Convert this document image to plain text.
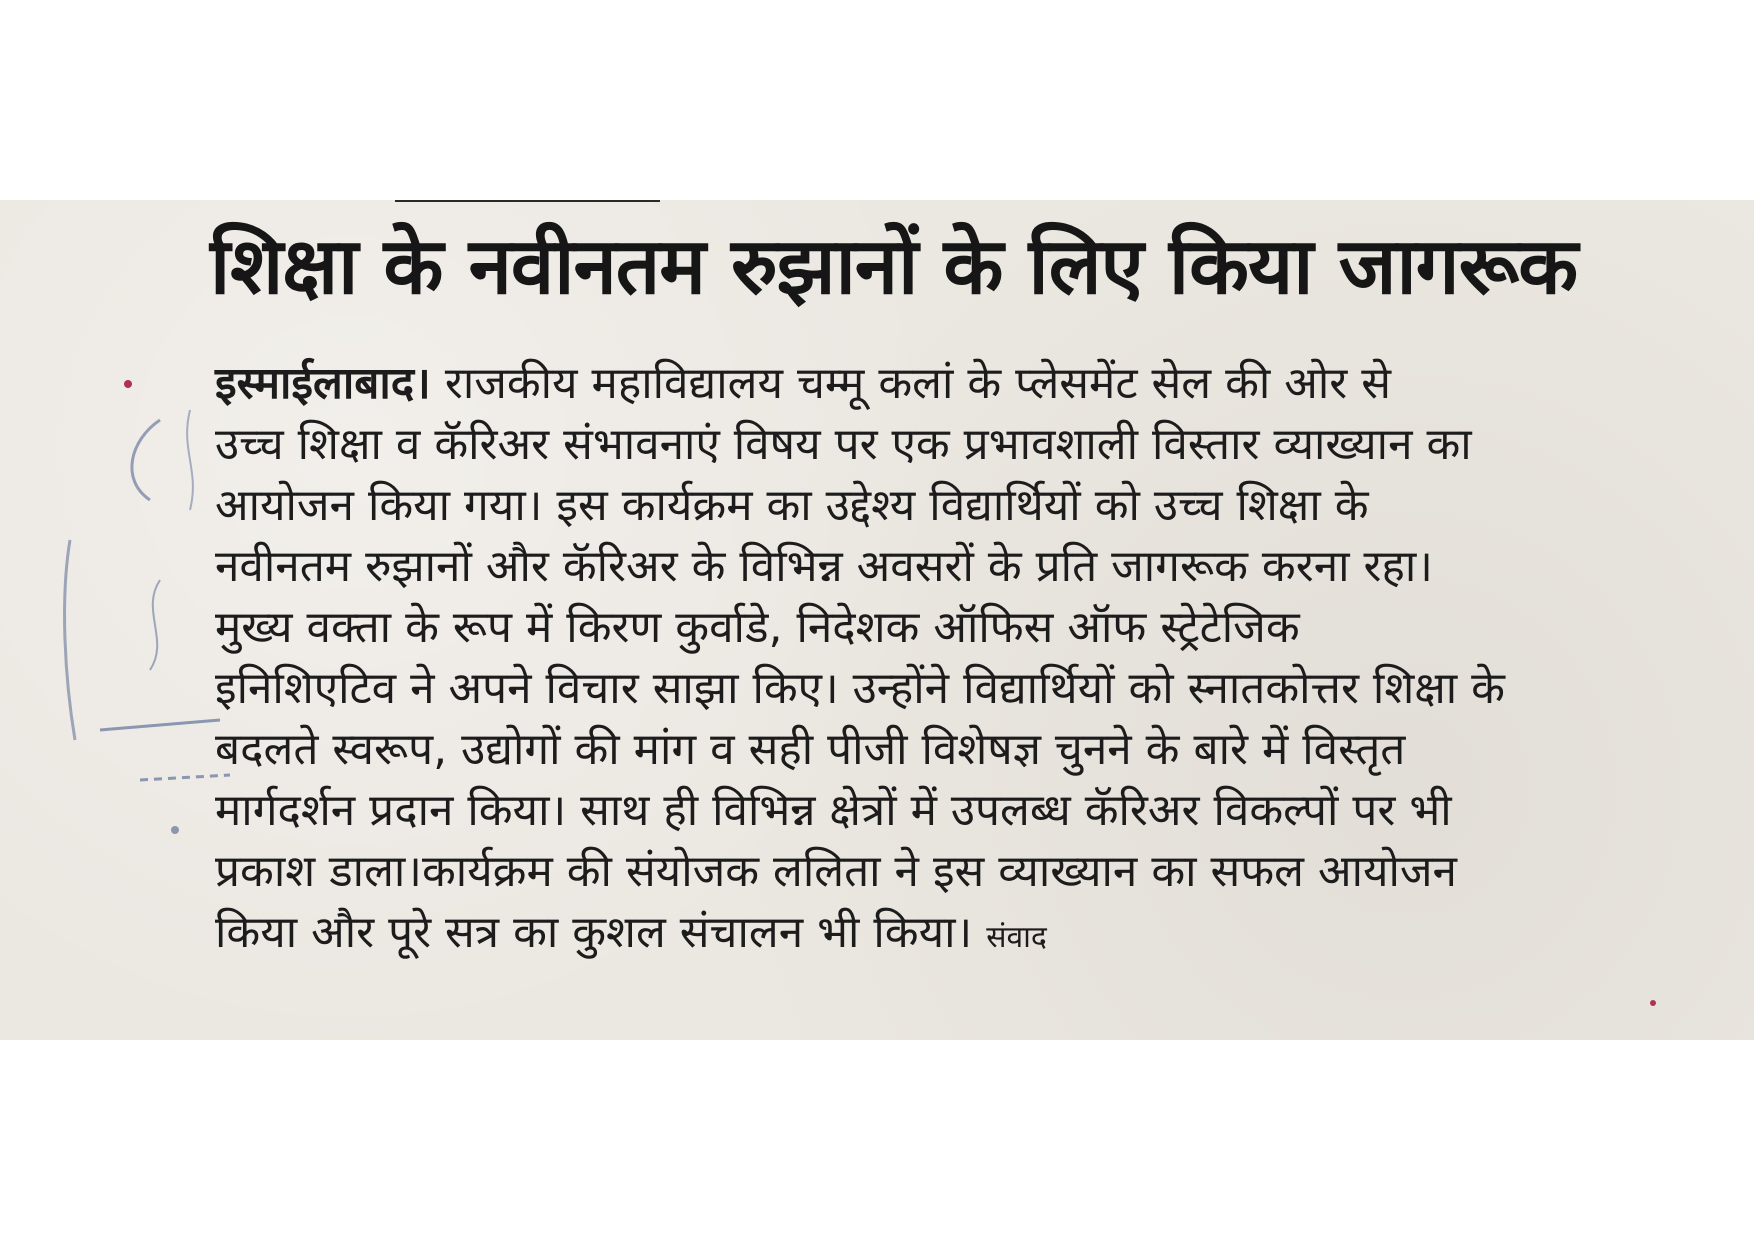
शिक्षा के नवीनतम रुझानों के लिए किया जागरूक
इस्माईलाबाद। राजकीय महाविद्यालय चम्मू कलां के प्लेसमेंट सेल की ओर से
उच्च शिक्षा व कॅरिअर संभावनाएं विषय पर एक प्रभावशाली विस्तार व्याख्यान का
आयोजन किया गया। इस कार्यक्रम का उद्देश्य विद्यार्थियों को उच्च शिक्षा के
नवीनतम रुझानों और कॅरिअर के विभिन्न अवसरों के प्रति जागरूक करना रहा।
मुख्य वक्ता के रूप में किरण कुर्वाडे, निदेशक ऑफिस ऑफ स्ट्रेटेजिक
इनिशिएटिव ने अपने विचार साझा किए। उन्होंने विद्यार्थियों को स्नातकोत्तर शिक्षा के
बदलते स्वरूप, उद्योगों की मांग व सही पीजी विशेषज्ञ चुनने के बारे में विस्तृत
मार्गदर्शन प्रदान किया। साथ ही विभिन्न क्षेत्रों में उपलब्ध कॅरिअर विकल्पों पर भी
प्रकाश डाला।कार्यक्रम की संयोजक ललिता ने इस व्याख्यान का सफल आयोजन
किया और पूरे सत्र का कुशल संचालन भी किया। संवाद
